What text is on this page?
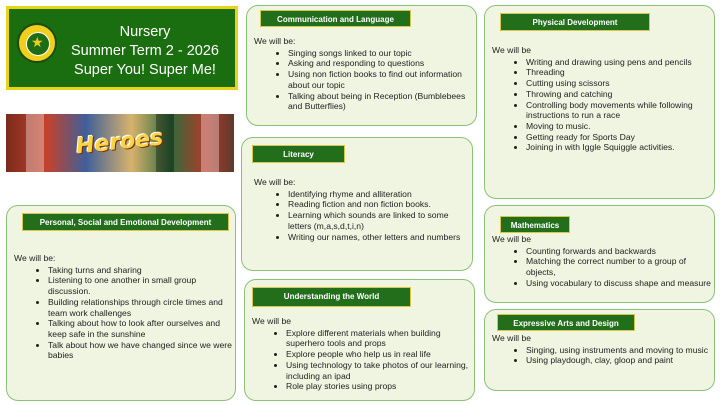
★
Nursery
Summer Term 2 - 2026
Super You! Super Me!
Heroes
Communication and Language
We will be:
• Singing songs linked to our topic
• Asking and responding to questions
• Using non fiction books to find out information about our topic
• Talking about being in Reception (Bumblebees and Butterflies)
Physical Development
We will be
• Writing and drawing using pens and pencils
• Threading
• Cutting using scissors
• Throwing and catching
• Controlling body movements while following instructions to run a race
• Moving to music.
• Getting ready for Sports Day
• Joining in with Iggle Squiggle activities.
Literacy
We will be:
• Identifying rhyme and alliteration
• Reading fiction and non fiction books.
• Learning which sounds are linked to some letters (m,a,s,d,t,i,n)
• Writing our names, other letters and numbers
Personal, Social and Emotional Development
We will be:
• Taking turns and sharing
• Listening to one another in small group discussion.
• Building relationships through circle times and team work challenges
• Talking about how to look after ourselves and keep safe in the sunshine
• Talk about how we have changed since we were babies
Mathematics
We will be
• Counting forwards and backwards
• Matching the correct number to a group of objects,
• Using vocabulary to discuss shape and measure
Understanding the World
We will be
• Explore different materials when building superhero tools and props
• Explore people who help us in real life
• Using technology to take photos of our learning, including an ipad
• Role play stories using props
Expressive Arts and Design
We will be
• Singing, using instruments and moving to music
• Using playdough, clay, gloop and paint
